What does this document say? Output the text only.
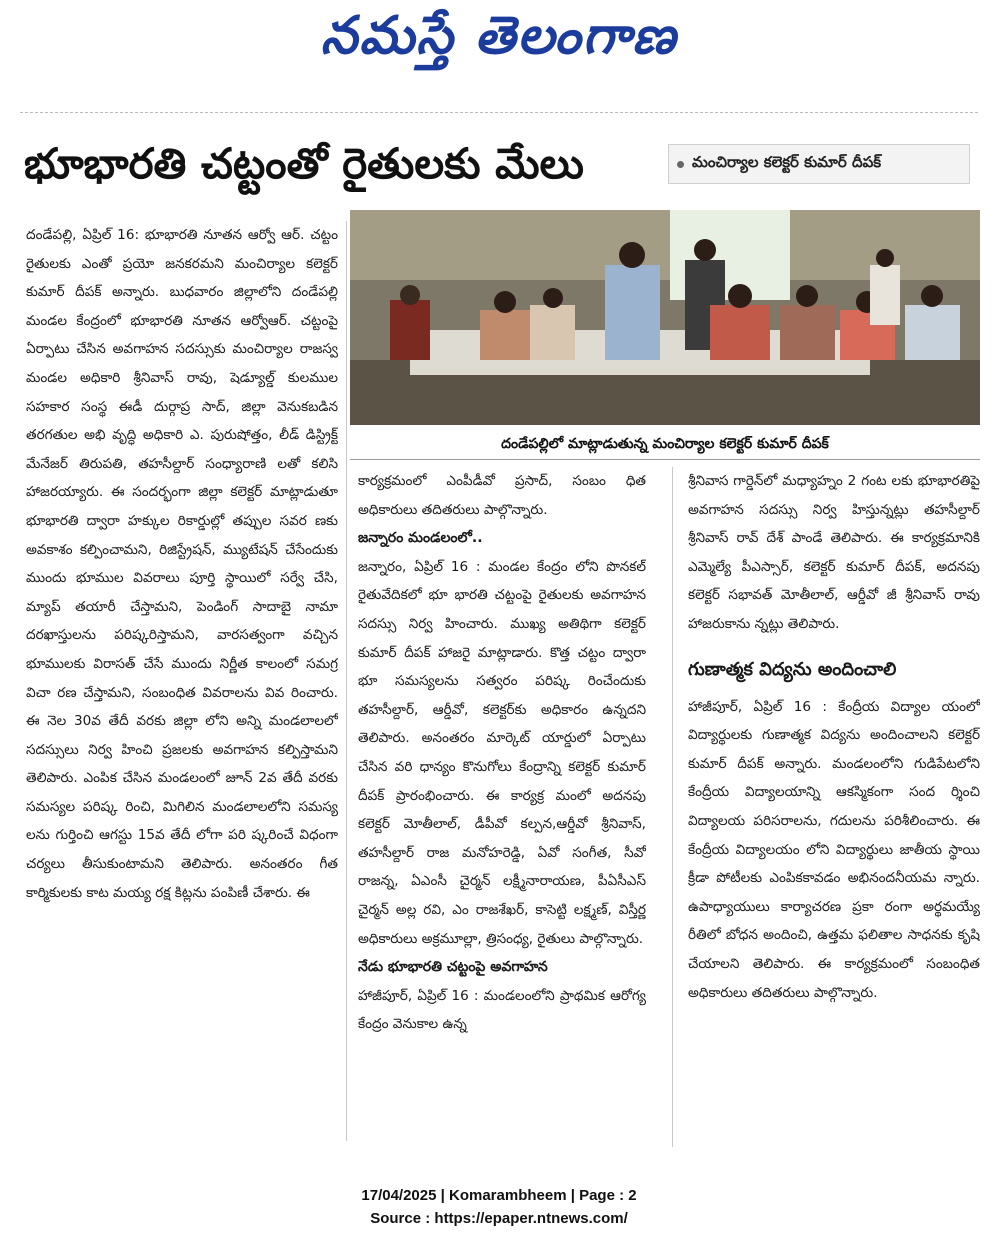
నమస్తే తెలంగాణ
భూభారతి చట్టంతో రైతులకు మేలు	మంచిర్యాల కలెక్టర్ కుమార్ దీపక్

దండేపల్లి, ఏప్రిల్ 16: భూభారతి నూతన ఆర్వో ఆర్. చట్టం రైతులకు ఎంతో ప్రయో జనకరమని మంచిర్యాల కలెక్టర్ కుమార్ దీపక్ అన్నారు. బుధవారం జిల్లాలోని దండేపల్లి మండల కేంద్రంలో భూభారతి నూతన ఆర్వోఆర్. చట్టంపై ఏర్పాటు చేసిన అవగాహన సదస్సుకు మంచిర్యాల రాజస్వ మండల అధికారి శ్రీనివాస్ రావు, షెడ్యూల్డ్ కులముల సహకార సంస్థ ఈడీ దుర్గాప్ర సాద్, జిల్లా వెనుకబడిన తరగతుల అభి వృద్ధి అధికారి ఎ. పురుషోత్తం, లీడ్ డిస్ట్రిక్ట్ మేనేజర్ తిరుపతి, తహసీల్దార్ సంధ్యారాణి లతో కలిసి హాజరయ్యారు. ఈ సందర్భంగా జిల్లా కలెక్టర్ మాట్లాడుతూ భూభారతి ద్వారా హక్కుల రికార్డుల్లో తప్పుల సవర ణకు అవకాశం కల్పించామని, రిజిస్ట్రేషన్, మ్యుటేషన్ చేసేందుకు ముందు భూముల వివరాలు పూర్తి స్థాయిలో సర్వే చేసి, మ్యాప్ తయారీ చేస్తామని, పెండింగ్ సాదాబై నామా దరఖాస్తులను పరిష్కరిస్తామని, వారసత్వంగా వచ్చిన భూములకు విరాసత్ చేసే ముందు నిర్ణీత కాలంలో సమగ్ర విచా రణ చేస్తామని, సంబంధిత వివరాలను వివ రించారు. ఈ నెల 30వ తేదీ వరకు జిల్లా లోని అన్ని మండలాలలో సదస్సులు నిర్వ హించి ప్రజలకు అవగాహన కల్పిస్తామని తెలిపారు. ఎంపిక చేసిన మండలంలో జూన్ 2వ తేదీ వరకు సమస్యల పరిష్క రించి, మిగిలిన మండలాలలోని సమస్య లను గుర్తించి ఆగస్టు 15వ తేదీ లోగా పరి ష్కరించే విధంగా చర్యలు తీసుకుంటామని తెలిపారు. అనంతరం గీత కార్మికులకు కాట మయ్య రక్ష కిట్లను పంపిణీ చేశారు. ఈ

దండేపల్లిలో మాట్లాడుతున్న మంచిర్యాల కలెక్టర్ కుమార్ దీపక్

కార్యక్రమంలో ఎంపీడీవో ప్రసాద్, సంబం ధిత అధికారులు తదితరులు పాల్గొన్నారు.

జన్నారం మండలంలో..

జన్నారం, ఏప్రిల్ 16 : మండల కేంద్రం లోని పొనకల్ రైతువేదికలో భూ భారతి చట్టంపై రైతులకు అవగాహన సదస్సు నిర్వ హించారు. ముఖ్య అతిథిగా కలెక్టర్ కుమార్ దీపక్ హాజరై మాట్లాడారు. కొత్త చట్టం ద్వారా భూ సమస్యలను సత్వరం పరిష్క రించేందుకు తహసీల్దార్, ఆర్డీవో, కలెక్టర్‌కు అధికారం ఉన్నదని తెలిపారు. అనంతరం మార్కెట్ యార్డులో ఏర్పాటు చేసిన వరి ధాన్యం కొనుగోలు కేంద్రాన్ని కలెక్టర్ కుమార్ దీపక్ ప్రారంభించారు. ఈ కార్యక్ర మంలో అదనపు కలెక్టర్ మోతీలాల్, డీపీవో కల్పన,ఆర్డీవో శ్రీనివాస్, తహసీల్దార్ రాజ మనోహరెడ్డి, ఏవో సంగీత, సీవో రాజన్న, ఏఎంసీ చైర్మన్ లక్ష్మీనారాయణ, పీఏసీఎస్ చైర్మన్ అల్ల రవి, ఎం రాజశేఖర్, కాసెట్టి లక్ష్మణ్, విస్తీర్ణ అధికారులు అక్రమూల్లా, త్రిసంధ్య, రైతులు పాల్గొన్నారు.

నేడు భూభారతి చట్టంపై అవగాహన

హాజీపూర్, ఏప్రిల్ 16 : మండలంలోని ప్రాథమిక ఆరోగ్య కేంద్రం వెనుకాల ఉన్న

శ్రీనివాస గార్డెన్‌లో మధ్యాహ్నం 2 గంట లకు భూభారతిపై అవగాహన సదస్సు నిర్వ హిస్తున్నట్లు తహసీల్దార్ శ్రీనివాస్ రావ్ దేశ్ పాండే తెలిపారు. ఈ కార్యక్రమానికి ఎమ్మెల్యే పీఎస్సార్, కలెక్టర్ కుమార్ దీపక్, అదనపు కలెక్టర్ సభావత్ మోతీలాల్, ఆర్డీవో జీ శ్రీనివాస్ రావు హాజరుకాను న్నట్లు తెలిపారు.

గుణాత్మక విద్యను అందించాలి

హాజీపూర్, ఏప్రిల్ 16 : కేంద్రీయ విద్యాల యంలో విద్యార్థులకు గుణాత్మక విద్యను అందించాలని కలెక్టర్ కుమార్ దీపక్ అన్నారు. మండలంలోని గుడిపేటలోని కేంద్రీయ విద్యాలయాన్ని ఆకస్మికంగా సంద ర్శించి విద్యాలయ పరిసరాలను, గదులను పరిశీలించారు. ఈ కేంద్రీయ విద్యాలయం లోని విద్యార్థులు జాతీయ స్థాయి క్రీడా పోటీలకు ఎంపికకావడం అభినందనీయమ న్నారు. ఉపాధ్యాయులు కార్యాచరణ ప్రకా రంగా అర్థమయ్యే రీతిలో బోధన అందించి, ఉత్తమ ఫలితాల సాధనకు కృషి చేయాలని తెలిపారు. ఈ కార్యక్రమంలో సంబంధిత అధికారులు తదితరులు పాల్గొన్నారు.

17/04/2025 | Komarambheem | Page : 2
Source : https://epaper.ntnews.com/
